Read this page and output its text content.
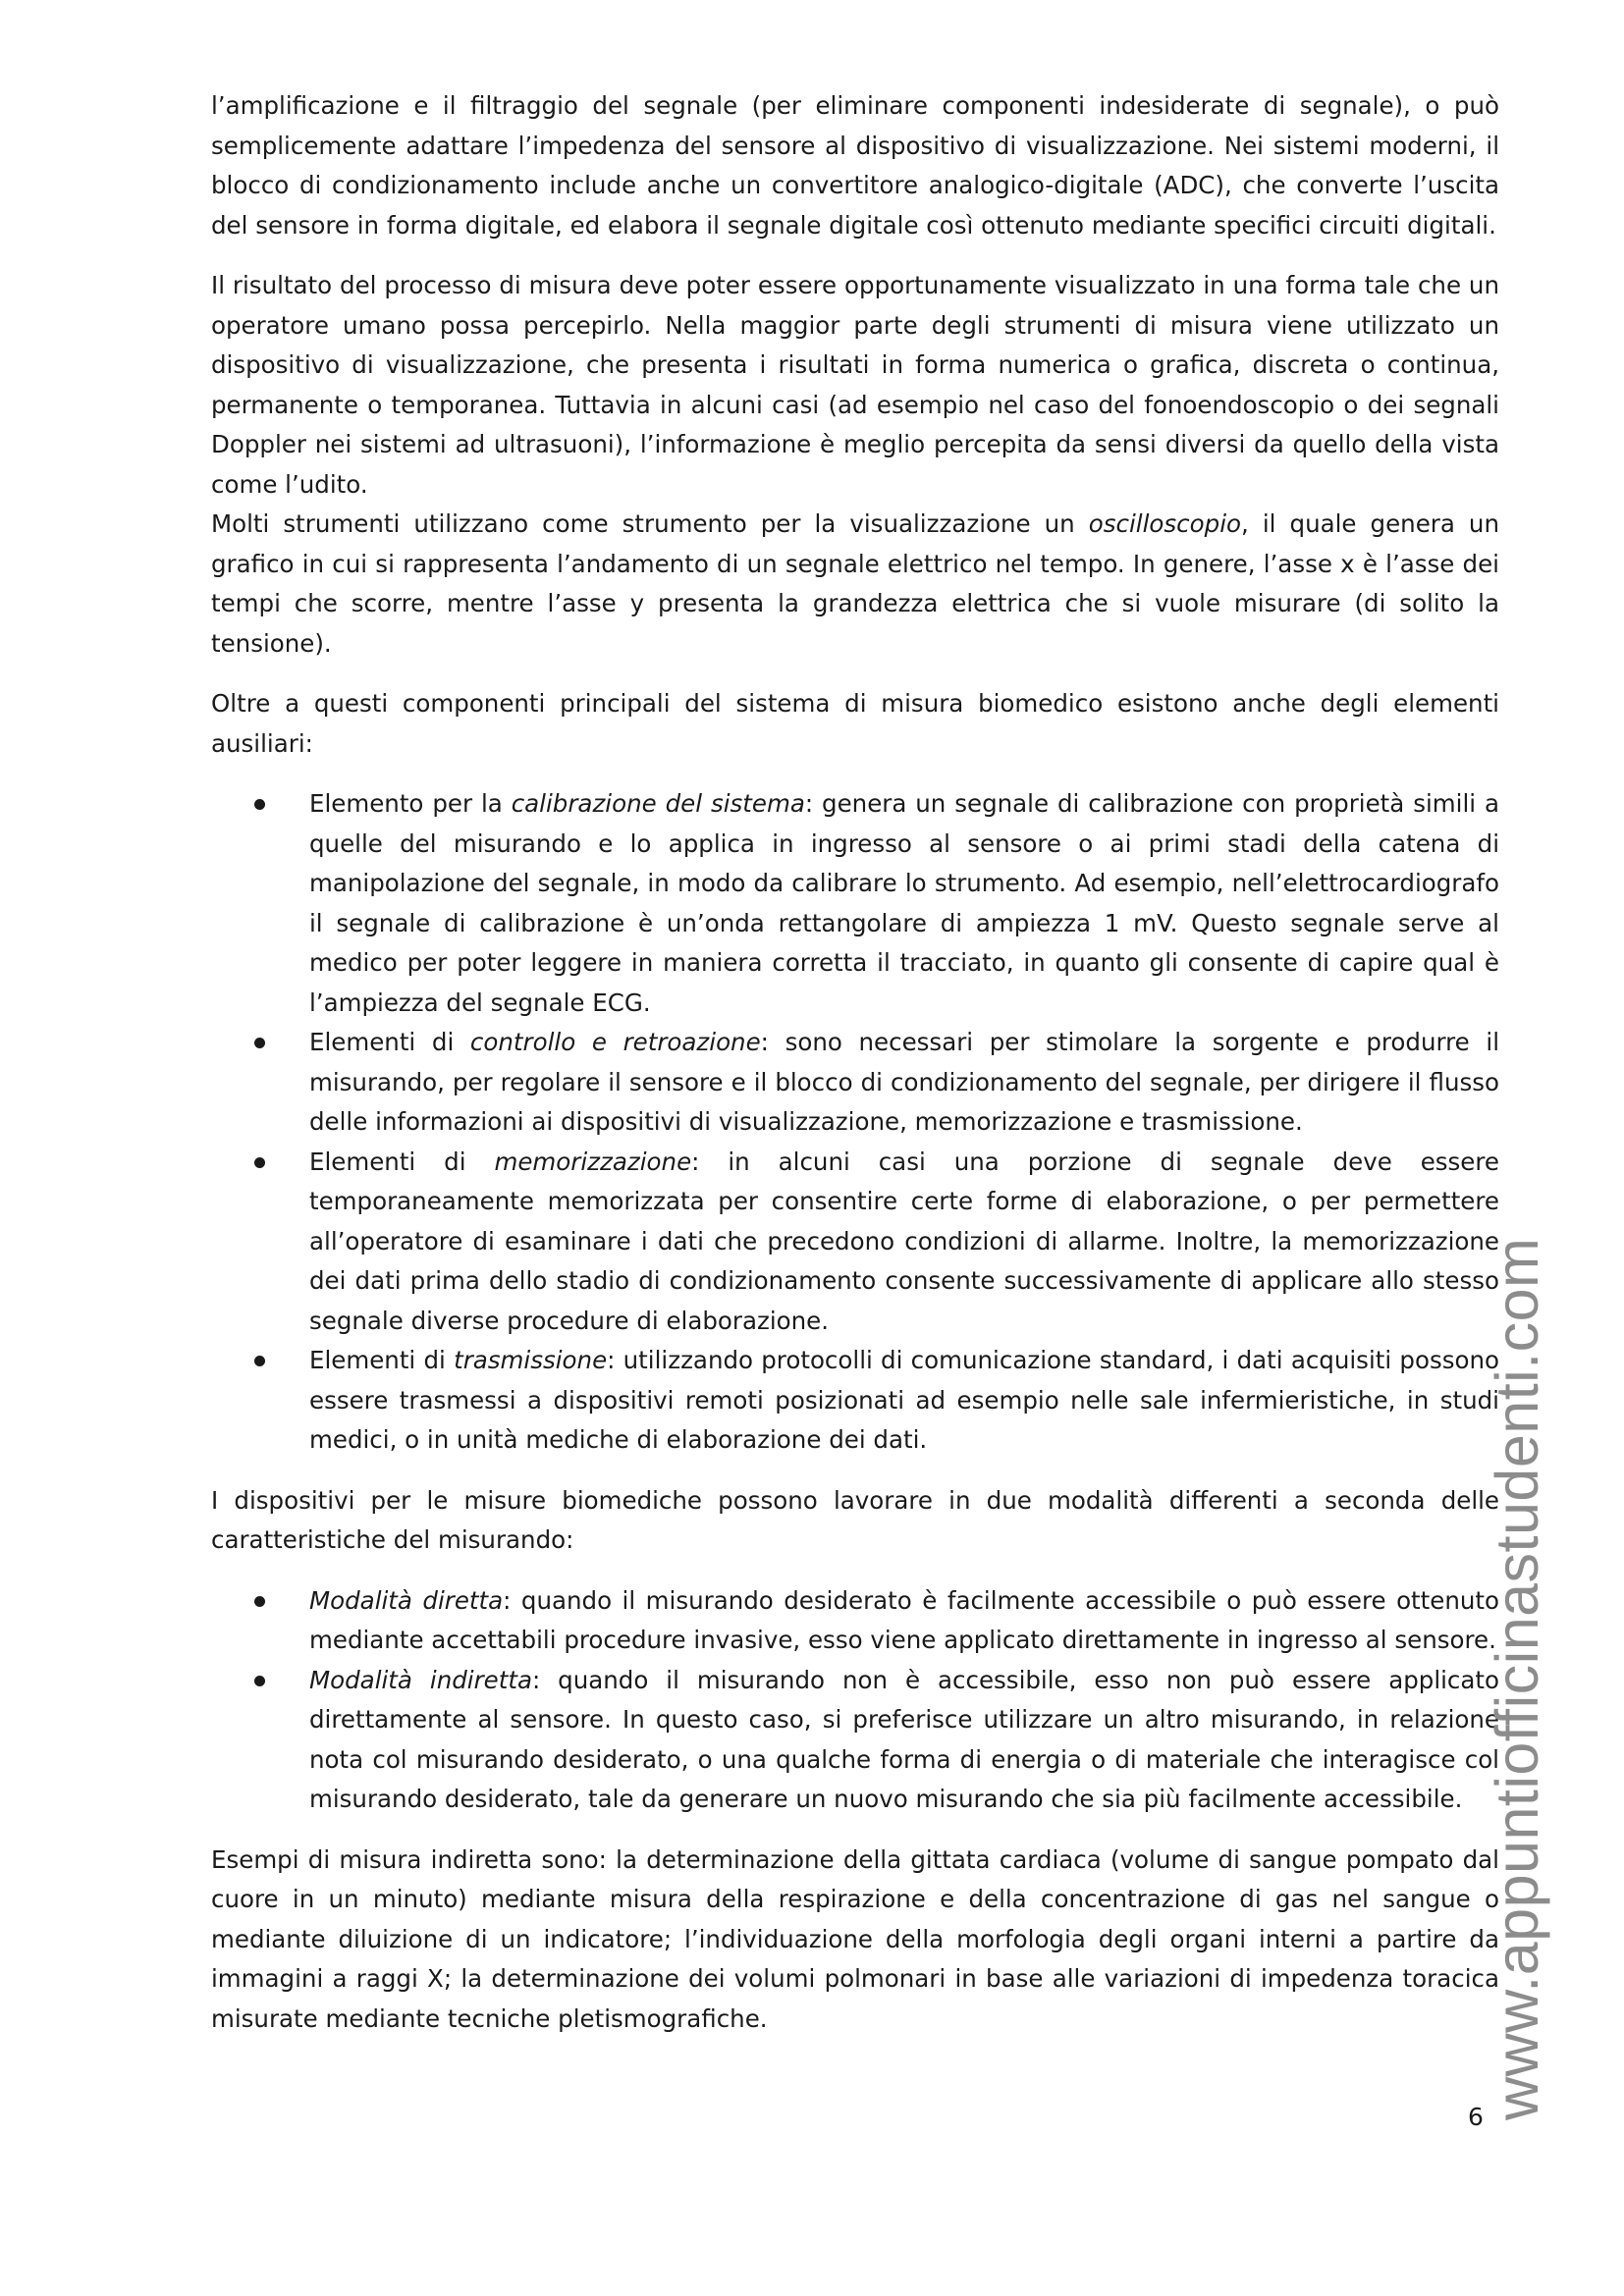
l’amplificazione e il filtraggio del segnale (per eliminare componenti indesiderate di segnale), o può semplicemente adattare l’impedenza del sensore al dispositivo di visualizzazione. Nei sistemi moderni, il blocco di condizionamento include anche un convertitore analogico-digitale (ADC), che converte l’uscita del sensore in forma digitale, ed elabora il segnale digitale così ottenuto mediante specifici circuiti digitali.

Il risultato del processo di misura deve poter essere opportunamente visualizzato in una forma tale che un operatore umano possa percepirlo. Nella maggior parte degli strumenti di misura viene utilizzato un dispositivo di visualizzazione, che presenta i risultati in forma numerica o grafica, discreta o continua, permanente o temporanea. Tuttavia in alcuni casi (ad esempio nel caso del fonoendoscopio o dei segnali Doppler nei sistemi ad ultrasuoni), l’informazione è meglio percepita da sensi diversi da quello della vista come l’udito.

Molti strumenti utilizzano come strumento per la visualizzazione un oscilloscopio, il quale genera un grafico in cui si rappresenta l’andamento di un segnale elettrico nel tempo. In genere, l’asse x è l’asse dei tempi che scorre, mentre l’asse y presenta la grandezza elettrica che si vuole misurare (di solito la tensione).

Oltre a questi componenti principali del sistema di misura biomedico esistono anche degli elementi ausiliari:

Elemento per la calibrazione del sistema: genera un segnale di calibrazione con proprietà simili a quelle del misurando e lo applica in ingresso al sensore o ai primi stadi della catena di manipolazione del segnale, in modo da calibrare lo strumento. Ad esempio, nell’elettrocardiografo il segnale di calibrazione è un’onda rettangolare di ampiezza 1 mV. Questo segnale serve al medico per poter leggere in maniera corretta il tracciato, in quanto gli consente di capire qual è l’ampiezza del segnale ECG.
Elementi di controllo e retroazione: sono necessari per stimolare la sorgente e produrre il misurando, per regolare il sensore e il blocco di condizionamento del segnale, per dirigere il flusso delle informazioni ai dispositivi di visualizzazione, memorizzazione e trasmissione.
Elementi di memorizzazione: in alcuni casi una porzione di segnale deve essere temporaneamente memorizzata per consentire certe forme di elaborazione, o per permettere all’operatore di esaminare i dati che precedono condizioni di allarme. Inoltre, la memorizzazione dei dati prima dello stadio di condizionamento consente successivamente di applicare allo stesso segnale diverse procedure di elaborazione.
Elementi di trasmissione: utilizzando protocolli di comunicazione standard, i dati acquisiti possono essere trasmessi a dispositivi remoti posizionati ad esempio nelle sale infermieristiche, in studi medici, o in unità mediche di elaborazione dei dati.

I dispositivi per le misure biomediche possono lavorare in due modalità differenti a seconda delle caratteristiche del misurando:

Modalità diretta: quando il misurando desiderato è facilmente accessibile o può essere ottenuto mediante accettabili procedure invasive, esso viene applicato direttamente in ingresso al sensore.
Modalità indiretta: quando il misurando non è accessibile, esso non può essere applicato direttamente al sensore. In questo caso, si preferisce utilizzare un altro misurando, in relazione nota col misurando desiderato, o una qualche forma di energia o di materiale che interagisce col misurando desiderato, tale da generare un nuovo misurando che sia più facilmente accessibile.

Esempi di misura indiretta sono: la determinazione della gittata cardiaca (volume di sangue pompato dal cuore in un minuto) mediante misura della respirazione e della concentrazione di gas nel sangue o mediante diluizione di un indicatore; l’individuazione della morfologia degli organi interni a partire da immagini a raggi X; la determinazione dei volumi polmonari in base alle variazioni di impedenza toracica misurate mediante tecniche pletismografiche.	www.appuntiofficinastudenti.com
6
